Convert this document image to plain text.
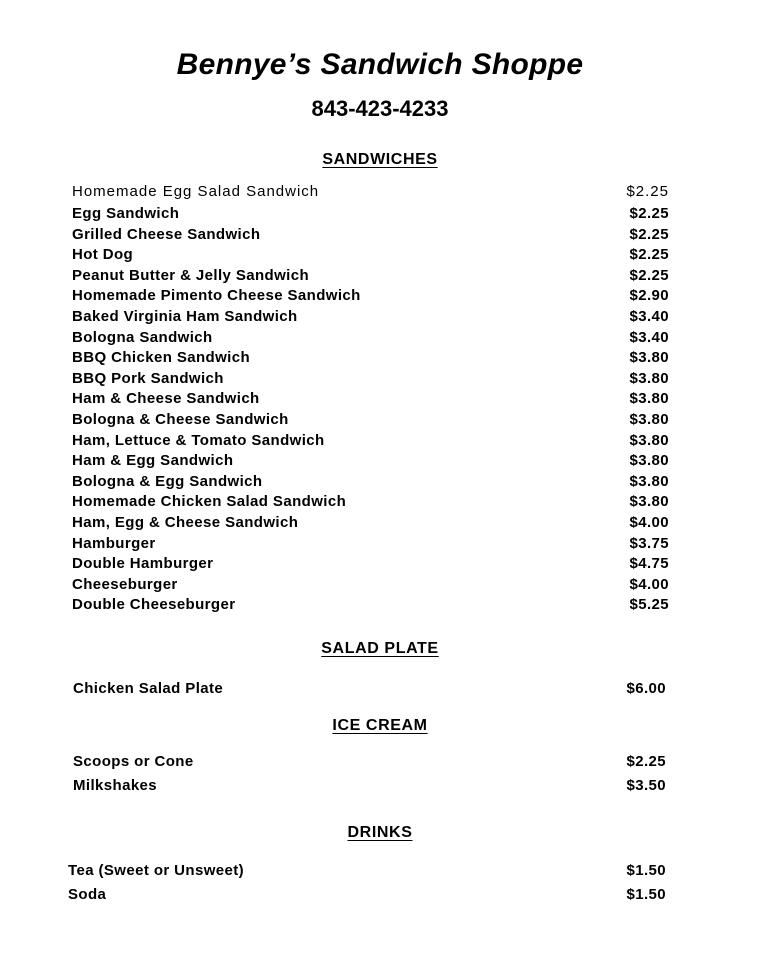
Bennye’s Sandwich Shoppe
843-423-4233
SANDWICHES
Homemade Egg Salad Sandwich	$2.25
Egg Sandwich	$2.25
Grilled Cheese Sandwich	$2.25
Hot Dog	$2.25
Peanut Butter & Jelly Sandwich	$2.25
Homemade Pimento Cheese Sandwich	$2.90
Baked Virginia Ham Sandwich	$3.40
Bologna Sandwich	$3.40
BBQ Chicken Sandwich	$3.80
BBQ Pork Sandwich	$3.80
Ham & Cheese Sandwich	$3.80
Bologna & Cheese Sandwich	$3.80
Ham, Lettuce & Tomato Sandwich	$3.80
Ham & Egg Sandwich	$3.80
Bologna & Egg Sandwich	$3.80
Homemade Chicken Salad Sandwich	$3.80
Ham, Egg & Cheese Sandwich	$4.00
Hamburger	$3.75
Double Hamburger	$4.75
Cheeseburger	$4.00
Double Cheeseburger	$5.25
SALAD PLATE
Chicken Salad Plate	$6.00
ICE CREAM
Scoops or Cone	$2.25
Milkshakes	$3.50
DRINKS
Tea (Sweet or Unsweet)	$1.50
Soda	$1.50
